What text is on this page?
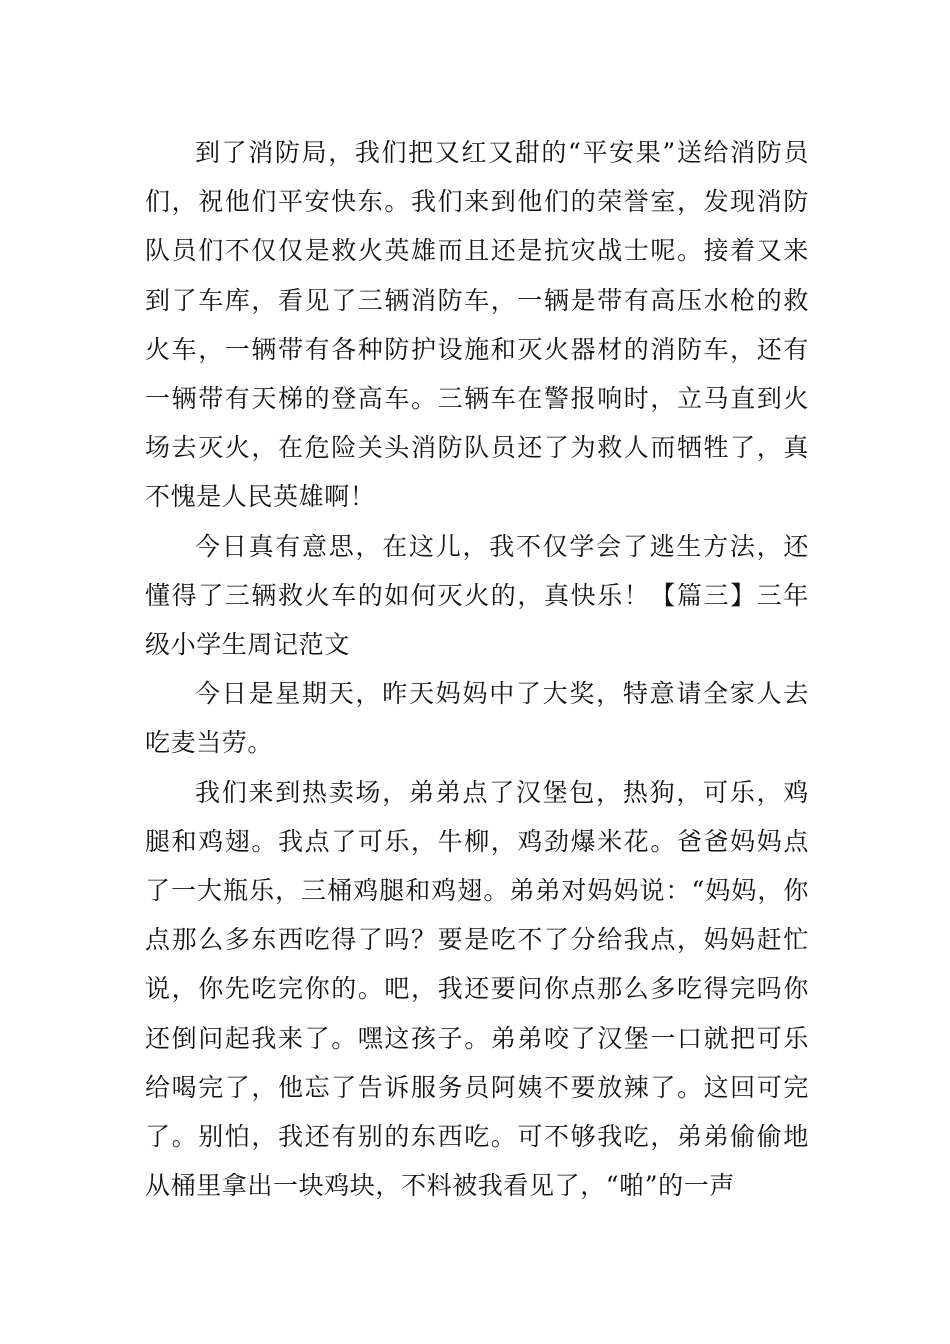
到了消防局，我们把又红又甜的“平安果”送给消防员们，祝他们平安快东。我们来到他们的荣誉室，发现消防队员们不仅仅是救火英雄而且还是抗灾战士呢。接着又来到了车库，看见了三辆消防车，一辆是带有高压水枪的救火车，一辆带有各种防护设施和灭火器材的消防车，还有一辆带有天梯的登高车。三辆车在警报响时，立马直到火场去灭火，在危险关头消防队员还了为救人而牺牲了，真不愧是人民英雄啊！

今日真有意思，在这儿，我不仅学会了逃生方法，还懂得了三辆救火车的如何灭火的，真快乐！【篇三】三年级小学生周记范文

今日是星期天，昨天妈妈中了大奖，特意请全家人去吃麦当劳。

我们来到热卖场，弟弟点了汉堡包，热狗，可乐，鸡腿和鸡翅。我点了可乐，牛柳，鸡劲爆米花。爸爸妈妈点了一大瓶乐，三桶鸡腿和鸡翅。弟弟对妈妈说：“妈妈，你点那么多东西吃得了吗？要是吃不了分给我点，妈妈赶忙说，你先吃完你的。吧，我还要问你点那么多吃得完吗你还倒问起我来了。嘿这孩子。弟弟咬了汉堡一口就把可乐给喝完了，他忘了告诉服务员阿姨不要放辣了。这回可完了。别怕，我还有别的东西吃。可不够我吃，弟弟偷偷地从桶里拿出一块鸡块，不料被我看见了，“啪”的一声
